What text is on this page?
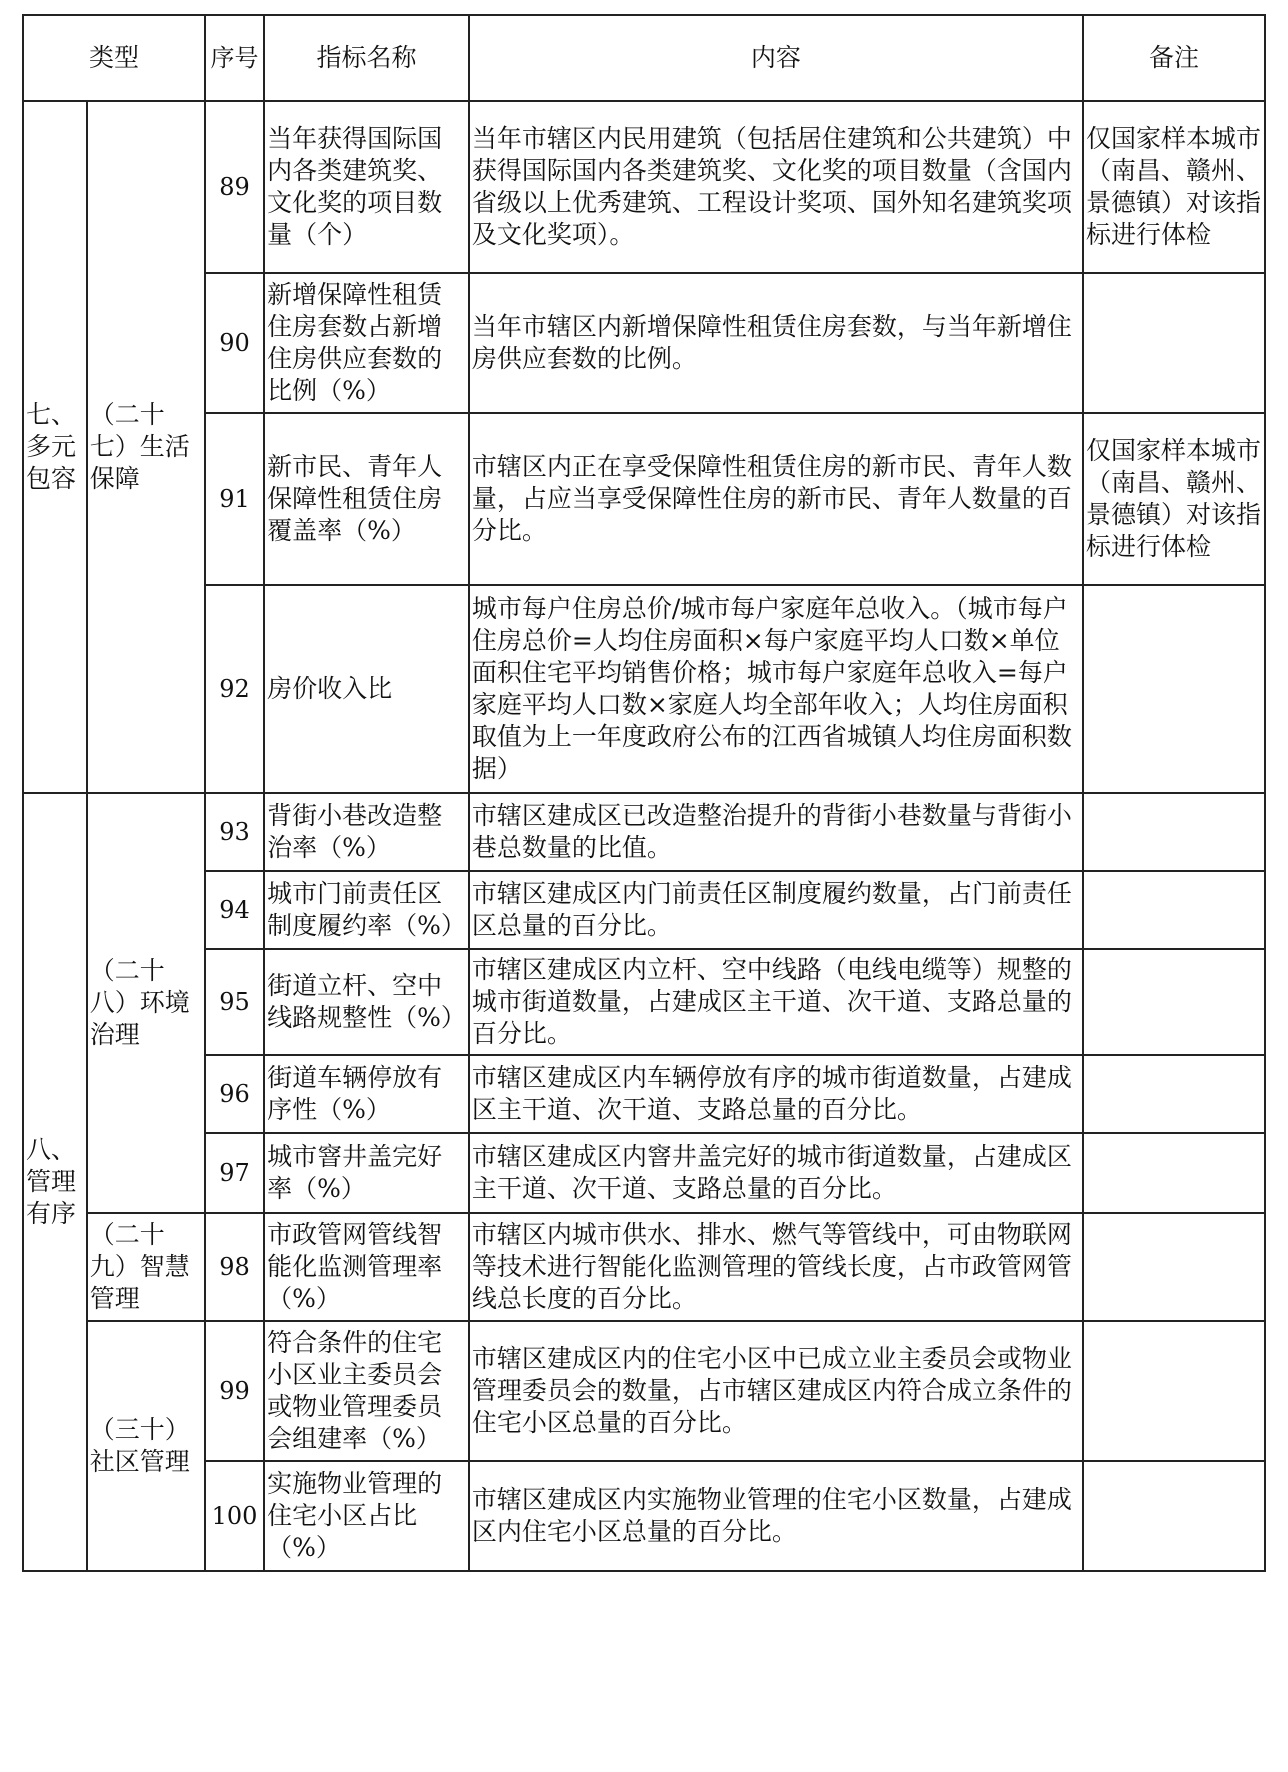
类型		序号	指标名称	内容	备注
七、多元包容	（二十七）生活保障	89	当年获得国际国内各类建筑奖、文化奖的项目数量（个）	当年市辖区内民用建筑（包括居住建筑和公共建筑）中获得国际国内各类建筑奖、文化奖的项目数量（含国内省级以上优秀建筑、工程设计奖项、国外知名建筑奖项及文化奖项）。	仅国家样本城市（南昌、赣州、景德镇）对该指标进行体检
		90	新增保障性租赁住房套数占新增住房供应套数的比例（%）	当年市辖区内新增保障性租赁住房套数，与当年新增住房供应套数的比例。	
		91	新市民、青年人保障性租赁住房覆盖率（%）	市辖区内正在享受保障性租赁住房的新市民、青年人数量，占应当享受保障性住房的新市民、青年人数量的百分比。	仅国家样本城市（南昌、赣州、景德镇）对该指标进行体检
		92	房价收入比	城市每户住房总价/城市每户家庭年总收入。（城市每户住房总价=人均住房面积×每户家庭平均人口数×单位面积住宅平均销售价格；城市每户家庭年总收入=每户家庭平均人口数×家庭人均全部年收入；人均住房面积取值为上一年度政府公布的江西省城镇人均住房面积数据）	
八、管理有序	（二十八）环境治理	93	背街小巷改造整治率（%）	市辖区建成区已改造整治提升的背街小巷数量与背街小巷总数量的比值。	
		94	城市门前责任区制度履约率（%）	市辖区建成区内门前责任区制度履约数量，占门前责任区总量的百分比。	
		95	街道立杆、空中线路规整性（%）	市辖区建成区内立杆、空中线路（电线电缆等）规整的城市街道数量，占建成区主干道、次干道、支路总量的百分比。	
		96	街道车辆停放有序性（%）	市辖区建成区内车辆停放有序的城市街道数量，占建成区主干道、次干道、支路总量的百分比。	
		97	城市窨井盖完好率（%）	市辖区建成区内窨井盖完好的城市街道数量，占建成区主干道、次干道、支路总量的百分比。	
	（二十九）智慧管理	98	市政管网管线智能化监测管理率（%）	市辖区内城市供水、排水、燃气等管线中，可由物联网等技术进行智能化监测管理的管线长度，占市政管网管线总长度的百分比。	
	（三十）社区管理	99	符合条件的住宅小区业主委员会或物业管理委员会组建率（%）	市辖区建成区内的住宅小区中已成立业主委员会或物业管理委员会的数量，占市辖区建成区内符合成立条件的住宅小区总量的百分比。	
		100	实施物业管理的住宅小区占比（%）	市辖区建成区内实施物业管理的住宅小区数量，占建成区内住宅小区总量的百分比。	
